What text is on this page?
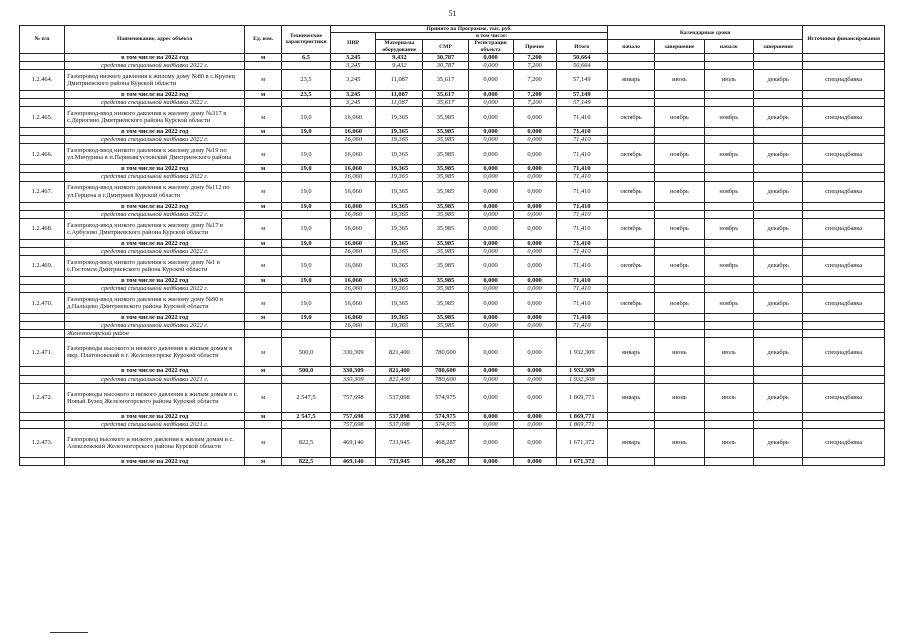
51
№ п/п	Наименование, адрес объекта	Ед. изм.	Технические характеристики	Принято по Программе, тыс. руб.						Календарные сроки				Источники финансирования
				ПИР	в том числе:									
					Материалы оборудование	СМР	Регистрация объекта	Прочие	Итого	начало	завершение	начало	завершение	
	в том числе на 2022 год	м	6,5	3,245	9,432	30,787	0,000	7,200	50,664					
	средства специальной надбавки 2022 г.			3,245	9,432	30,787	0,000	7,200	50,664					
1.2.464.	Газопровод низкого давления к жилому дому №80 в с.Крупец Дмитриевского района Курской области	м	23,5	3,245	11,087	35,617	0,000	7,200	57,149	январь	июнь	июль	декабрь	спецнадбавка
	в том числе на 2022 год	м	23,5	3,245	11,087	35,617	0,000	7,200	57,149					
	средства специальной надбавки 2022 г.			3,245	11,087	35,617	0,000	7,200	57,149					
1.2.465.	Газопровод-ввод низкого давления к жилому дому №317 в с.Дерюгино Дмитриевского района Курской области	м	19,0	16,060	19,365	35,985	0,000	0,000	71,410	октябрь	ноябрь	ноябрь	декабрь	спецнадбавка
	в том числе на 2022 год	м	19,0	16,060	19,365	35,985	0,000	0,000	71,410					
	средства специальной надбавки 2022 г.			16,060	19,365	35,985	0,000	0,000	71,410					
1.2.466.	Газопровод-ввод низкого давления к жилому дому №19 по ул.Мичурина в п.Первоавгустовский Дмитриевского района	м	19,0	16,060	19,365	35,985	0,000	0,000	71,410	октябрь	ноябрь	ноябрь	декабрь	спецнадбавка
	в том числе на 2022 год	м	19,0	16,060	19,365	35,985	0,000	0,000	71,410					
	средства специальной надбавки 2022 г.			16,060	19,365	35,985	0,000	0,000	71,410					
1.2.467.	Газопровод-ввод низкого давления к жилому дому №112 по ул.Герцена в г.Дмитриев Курской области	м	19,0	16,060	19,365	35,985	0,000	0,000	71,410	октябрь	ноябрь	ноябрь	декабрь	спецнадбавка
	в том числе на 2022 год	м	19,0	16,060	19,365	35,985	0,000	0,000	71,410					
	средства специальной надбавки 2022 г.			16,060	19,365	35,985	0,000	0,000	71,410					
1.2.468.	Газопровод-ввод низкого давления к жилому дому №17 в с.Арбузово Дмитриевского района Курской области	м	19,0	16,060	19,365	35,985	0,000	0,000	71,410	октябрь	ноябрь	ноябрь	декабрь	спецнадбавка
	в том числе на 2022 год	м	19,0	16,060	19,365	35,985	0,000	0,000	71,410					
	средства специальной надбавки 2022 г.			16,060	19,365	35,985	0,000	0,000	71,410					
1.2.469.	Газопровод-ввод низкого давления к жилому дому №1 в с.Гостомля Дмитриевского района Курской области	м	19,0	16,060	19,365	35,985	0,000	0,000	71,410	октябрь	ноябрь	ноябрь	декабрь	спецнадбавка
	в том числе на 2022 год	м	19,0	16,060	19,365	35,985	0,000	0,000	71,410					
	средства специальной надбавки 2022 г.			16,060	19,365	35,985	0,000	0,000	71,410					
1.2.470.	Газопровод-ввод низкого давления к жилому дому №90 в д.Пальцево Дмитриевского района Курской области	м	19,0	16,060	19,365	35,985	0,000	0,000	71,410	октябрь	ноябрь	ноябрь	декабрь	спецнадбавка
	в том числе на 2022 год	м	19,0	16,060	19,365	35,985	0,000	0,000	71,410					
	средства специальной надбавки 2022 г.			16,060	19,365	35,985	0,000	0,000	71,410					
	Железногорский район													
1.2.471.	Газопроводы высокого и низкого давления к жилым домам в мкр. Платоновский в г. Железногорске Курской области	м	500,0	330,309	821,400	780,600	0,000	0,000	1 932,309	январь	июнь	июль	декабрь	спецнадбавка
	в том числе на 2022 год	м	500,0	330,309	821,400	780,600	0,000	0,000	1 932,309					
	средства специальной надбавки 2021 г.			330,309	821,400	780,600	0,000	0,000	1 932,309					
1.2.472.	Газопроводы высокого и низкого давления к жилым домам в с. Новый Бузец Железногорского района Курской области	м	2 547,5	757,698	537,098	574,975	0,000	0,000	1 869,771	январь	июнь	июль	декабрь	спецнадбавка
	в том числе на 2022 год	м	2 547,5	757,698	537,098	574,975	0,000	0,000	1 869,771					
	средства специальной надбавки 2021 г.			757,698	537,098	574,975	0,000	0,000	1 869,771					
1.2.473.	Газопровод высокого и низкого давления к жилым домам в с. Алексеевский Железногорского района Курской области	м	822,5	469,140	733,945	468,287	0,000	0,000	1 671,372	январь	июнь	июль	декабрь	спецнадбавка
	в том числе на 2022 год	м	822,5	469,140	733,945	468,287	0,000	0,000	1 671,372					
